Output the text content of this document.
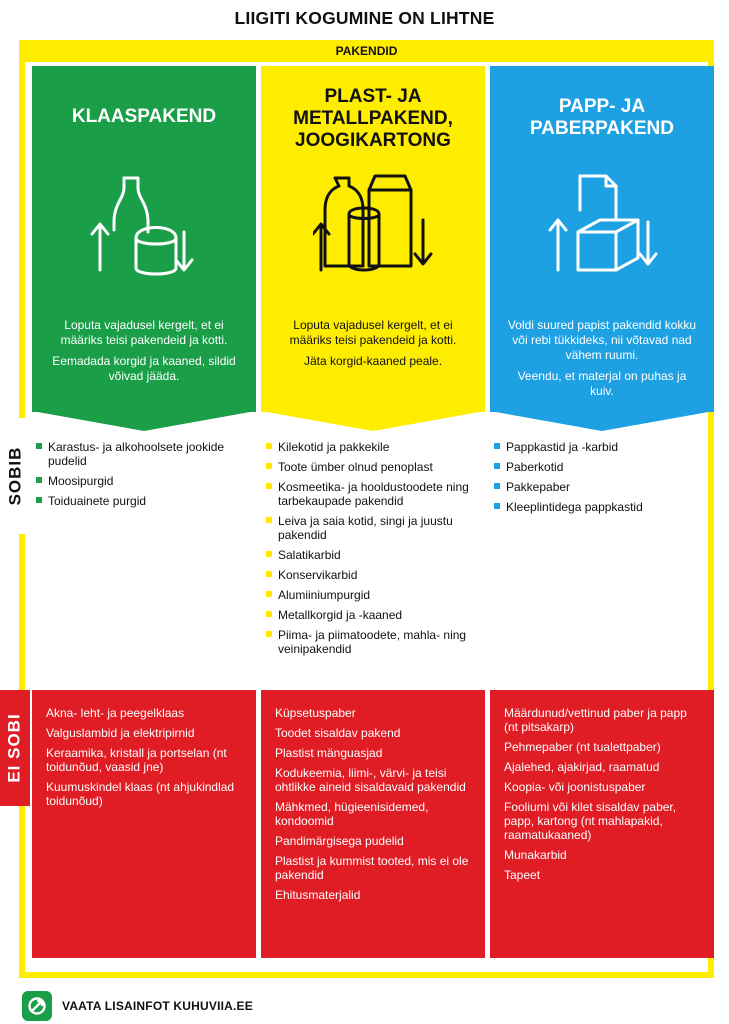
LIIGITI KOGUMINE ON LIHTNE
PAKENDID
KLAASPAKEND

Loputa vajadusel kergelt, et ei määriks teisi pakendeid ja kotti.

Eemadada korgid ja kaaned, sildid võivad jääda.

PLAST- JA
METALLPAKEND,
JOOGIKARTONG

Loputa vajadusel kergelt, et ei määriks teisi pakendeid ja kotti.

Jäta korgid-kaaned peale.

PAPP- JA
PABERPAKEND

Voldi suured papist pakendid kokku või rebi tükkideks, nii võtavad nad vähem ruumi.

Veendu, et materjal on puhas ja kuiv.

SOBIB
EI SOBI
Karastus- ja alkohoolsete jookide pudelid
Moosipurgid
Toiduainete purgid
Kilekotid ja pakkekile
Toote ümber olnud penoplast
Kosmeetika- ja hooldustoodete ning tarbekaupade pakendid
Leiva ja saia kotid, singi ja juustu pakendid
Salatikarbid
Konservikarbid
Alumiiniumpurgid
Metallkorgid ja -kaaned
Piima- ja piimatoodete, mahla- ning veinipakendid
Pappkastid ja -karbid
Paberkotid
Pakkepaber
Kleeplintidega pappkastid
Akna- leht- ja peegelklaas
Valguslambid ja elektripirnid
Keraamika, kristall ja portselan (nt toidunõud, vaasid jne)
Kuumuskindel klaas (nt ahjukindlad toidunõud)
Küpsetuspaber
Toodet sisaldav pakend
Plastist mänguasjad
Kodukeemia, liimi-, värvi- ja teisi ohtlikke aineid sisaldavaid pakendid
Mähkmed, hügieenisidemed, kondoomid
Pandimärgisega pudelid
Plastist ja kummist tooted, mis ei ole pakendid
Ehitusmaterjalid
Määrdunud/vettinud paber ja papp (nt pitsakarp)
Pehmepaber (nt tualettpaber)
Ajalehed, ajakirjad, raamatud
Koopia- või joonistuspaber
Fooliumi või kilet sisaldav paber, papp, kartong (nt mahlapakid, raamatukaaned)
Munakarbid
Tapeet
VAATA LISAINFOT KUHUVIIA.EE
